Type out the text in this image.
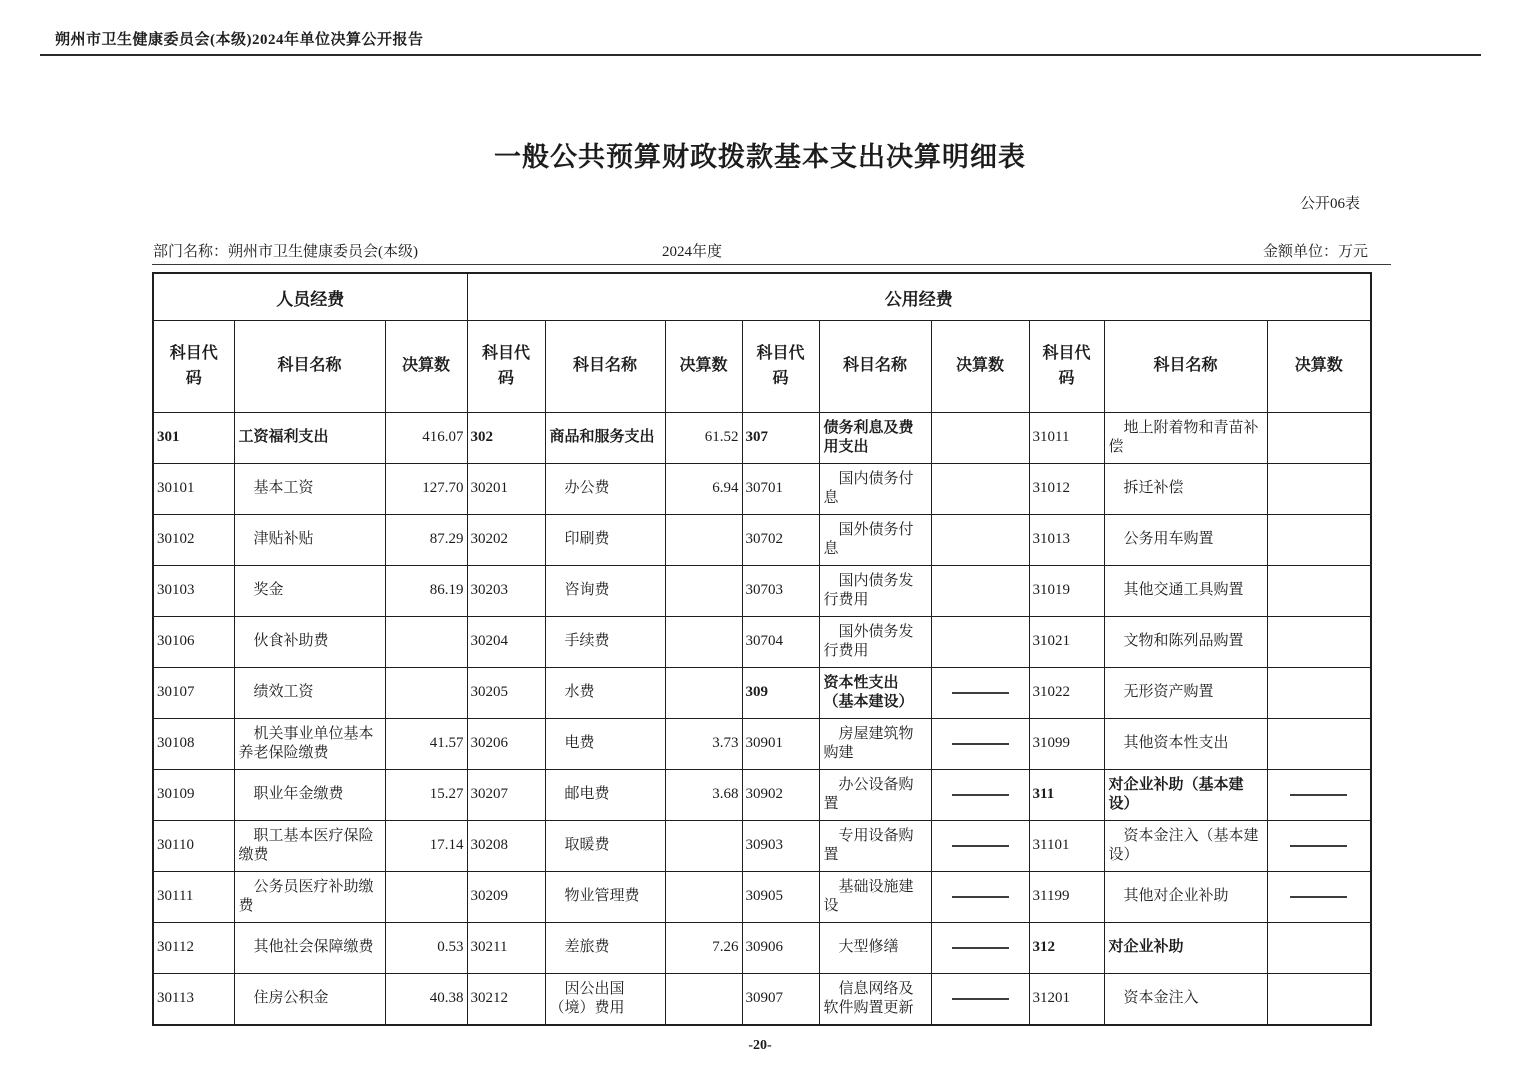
朔州市卫生健康委员会(本级)2024年单位决算公开报告
一般公共预算财政拨款基本支出决算明细表
公开06表
部门名称：朔州市卫生健康委员会(本级)	2024年度	金额单位：万元
人员经费			公用经费								
科目代码	科目名称	决算数	科目代码	科目名称	决算数	科目代码	科目名称	决算数	科目代码	科目名称	决算数
301	工资福利支出	416.07	302	商品和服务支出	61.52	307	债务利息及费用支出		31011	地上附着物和青苗补偿	
30101	基本工资	127.70	30201	办公费	6.94	30701	国内债务付息		31012	拆迁补偿	
30102	津贴补贴	87.29	30202	印刷费		30702	国外债务付息		31013	公务用车购置	
30103	奖金	86.19	30203	咨询费		30703	国内债务发行费用		31019	其他交通工具购置	
30106	伙食补助费		30204	手续费		30704	国外债务发行费用		31021	文物和陈列品购置	
30107	绩效工资		30205	水费		309	资本性支出（基本建设）		31022	无形资产购置	
30108	机关事业单位基本养老保险缴费	41.57	30206	电费	3.73	30901	房屋建筑物购建		31099	其他资本性支出	
30109	职业年金缴费	15.27	30207	邮电费	3.68	30902	办公设备购置		311	对企业补助（基本建设）	
30110	职工基本医疗保险缴费	17.14	30208	取暖费		30903	专用设备购置		31101	资本金注入（基本建设）	
30111	公务员医疗补助缴费		30209	物业管理费		30905	基础设施建设		31199	其他对企业补助	
30112	其他社会保障缴费	0.53	30211	差旅费	7.26	30906	大型修缮		312	对企业补助	
30113	住房公积金	40.38	30212	因公出国（境）费用		30907	信息网络及软件购置更新		31201	资本金注入	
-20-
